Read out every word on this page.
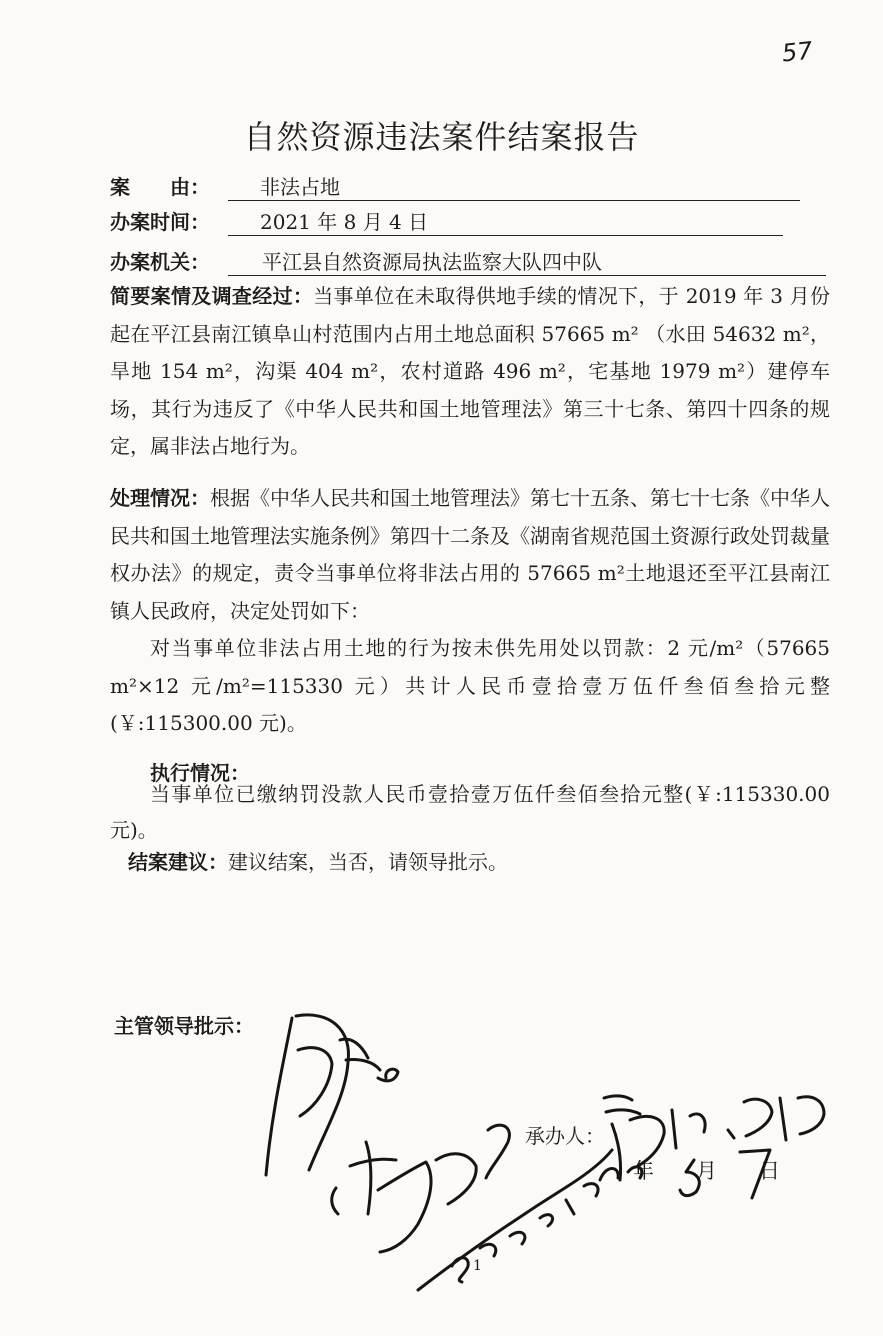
57
自然资源违法案件结案报告
案　　由：	非法占地
办案时间：	2021 年 8 月 4 日
办案机关：	平江县自然资源局执法监察大队四中队

简要案情及调查经过：当事单位在未取得供地手续的情况下，于 2019 年 3 月份起在平江县南江镇阜山村范围内占用土地总面积 57665 m² （水田 54632 m²，旱地 154 m²，沟渠 404 m²，农村道路 496 m²，宅基地 1979 m²）建停车场，其行为违反了《中华人民共和国土地管理法》第三十七条、第四十四条的规定，属非法占地行为。

处理情况：根据《中华人民共和国土地管理法》第七十五条、第七十七条《中华人民共和国土地管理法实施条例》第四十二条及《湖南省规范国土资源行政处罚裁量权办法》的规定，责令当事单位将非法占用的 57665 m²土地退还至平江县南江镇人民政府，决定处罚如下：

对当事单位非法占用土地的行为按未供先用处以罚款：2 元/m²（57665 m²×12 元/m²=115330 元）共计人民币壹拾壹万伍仟叁佰叁拾元整(￥:115300.00 元)。

执行情况：

当事单位已缴纳罚没款人民币壹拾壹万伍仟叁佰叁拾元整(￥:115330.00 元)。

结案建议：建议结案，当否，请领导批示。
主管领导批示：
承办人：
年　　月　　日
1
